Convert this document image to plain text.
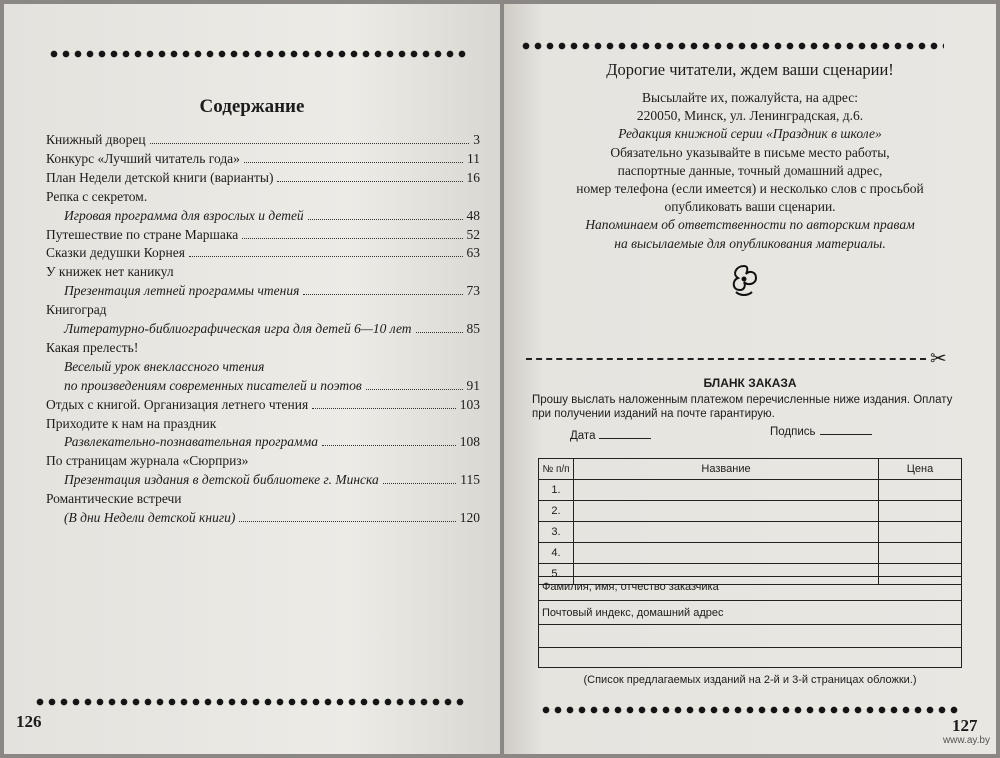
Содержание
Книжный дворец	3
Конкурс «Лучший читатель года»	11
План Недели детской книги (варианты)	16
Репка с секретом.
Игровая программа для взрослых и детей	48
Путешествие по стране Маршака	52
Сказки дедушки Корнея	63
У книжек нет каникул
Презентация летней программы чтения	73
Книгоград
Литературно-библиографическая игра для детей 6—10 лет	85
Какая прелесть!
Веселый урок внеклассного чтения
по произведениям современных писателей и поэтов	91
Отдых с книгой. Организация летнего чтения	103
Приходите к нам на праздник
Развлекательно-познавательная программа	108
По страницам журнала «Сюрприз»
Презентация издания в детской библиотеке г. Минска	115
Романтические встречи
(В дни Недели детской книги)	120
126
Дорогие читатели, ждем ваши сценарии!
Высылайте их, пожалуйста, на адрес:
220050, Минск, ул. Ленинградская, д.6.
Редакция книжной серии «Праздник в школе»
Обязательно указывайте в письме место работы,
паспортные данные, точный домашний адрес,
номер телефона (если имеется) и несколько слов с просьбой
опубликовать ваши сценарии.
Напоминаем об ответственности по авторским правам
на высылаемые для опубликования материалы.
✂
БЛАНК ЗАКАЗА
Прошу выслать наложенным платежом перечисленные ниже издания. Оплату
при получении изданий на почте гарантирую.
Дата	Подпись
№ п/п	Название	Цена
1.		
2.		
3.		
4.		
5.		
Фамилия, имя, отчество заказчика
Почтовый индекс, домашний адрес
(Список предлагаемых изданий на 2-й и 3-й страницах обложки.)
127
www.ay.by
